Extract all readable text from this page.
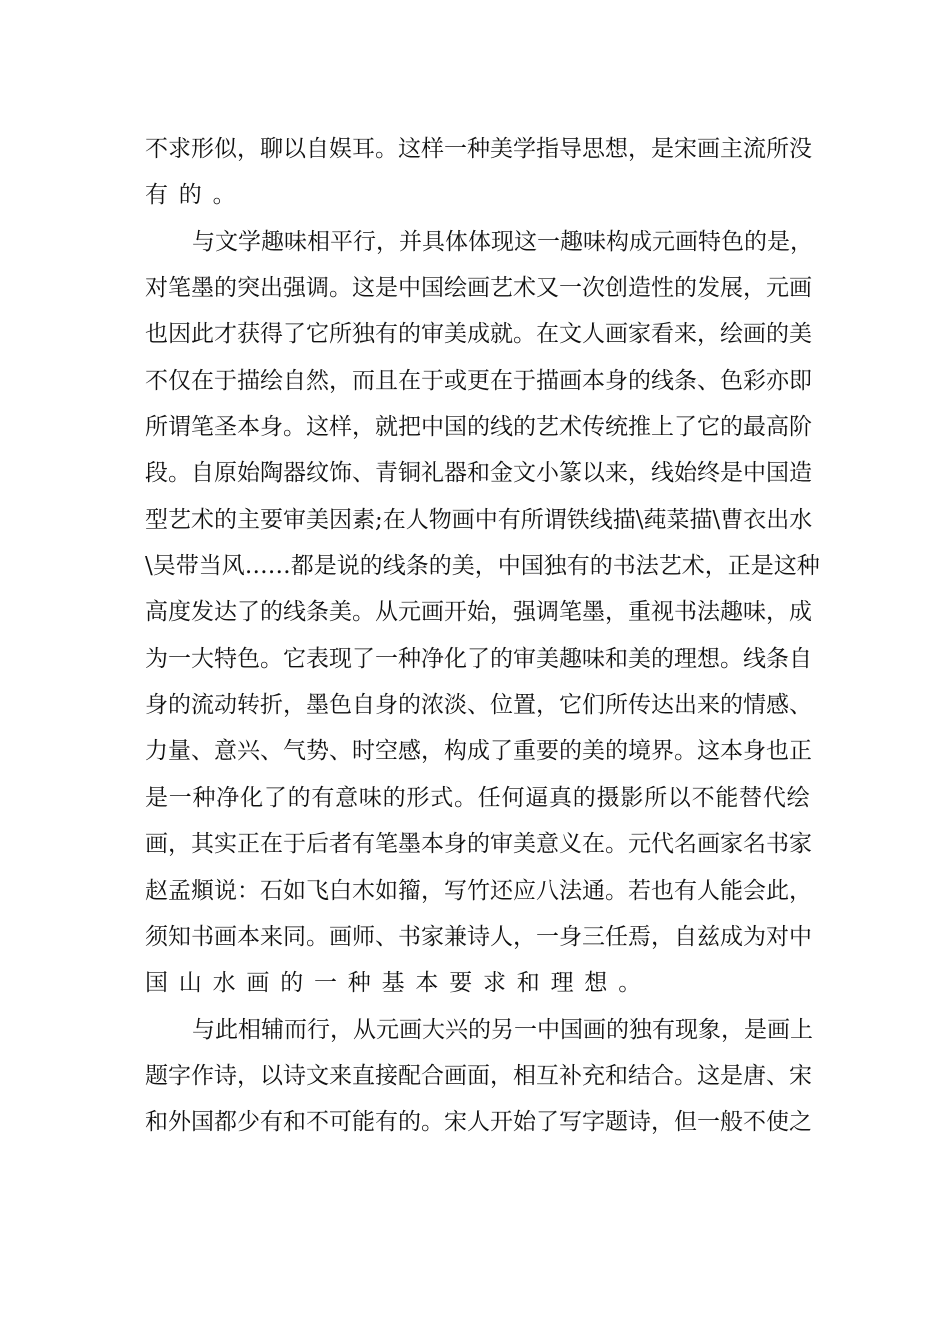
不 求 形 似 ， 聊 以 自 娱 耳 。 这 样 一 种 美 学 指 导 思 想 ， 是 宋 画 主 流 所 没
有的。
与 文 学 趣 味 相 平 行 ， 并 具 体 体 现 这 一 趣 味 构 成 元 画 特 色 的 是 ，
对 笔 墨 的 突 出 强 调 。 这 是 中 国 绘 画 艺 术 又 一 次 创 造 性 的 发 展 ， 元 画
也 因 此 才 获 得 了 它 所 独 有 的 审 美 成 就 。 在 文 人 画 家 看 来 ， 绘 画 的 美
不 仅 在 于 描 绘 自 然 ， 而 且 在 于 或 更 在 于 描 画 本 身 的 线 条 、 色 彩 亦 即
所 谓 笔 圣 本 身 。 这 样 ， 就 把 中 国 的 线 的 艺 术 传 统 推 上 了 它 的 最 高 阶
段 。 自 原 始 陶 器 纹 饰 、 青 铜 礼 器 和 金 文 小 篆 以 来 ， 线 始 终 是 中 国 造
型 艺 术 的 主 要 审 美 因 素 ; 在 人 物 画 中 有 所 谓 铁 线 描 \ 莼 菜 描 \ 曹 衣 出 水
\ 吴 带 当 风 … … 都 是 说 的 线 条 的 美 ， 中 国 独 有 的 书 法 艺 术 ， 正 是 这 种
高 度 发 达 了 的 线 条 美 。 从 元 画 开 始 ， 强 调 笔 墨 ， 重 视 书 法 趣 味 ， 成
为 一 大 特 色 。 它 表 现 了 一 种 净 化 了 的 审 美 趣 味 和 美 的 理 想 。 线 条 自
身 的 流 动 转 折 ， 墨 色 自 身 的 浓 淡 、 位 置 ， 它 们 所 传 达 出 来 的 情 感 、
力 量 、 意 兴 、 气 势 、 时 空 感 ， 构 成 了 重 要 的 美 的 境 界 。 这 本 身 也 正
是 一 种 净 化 了 的 有 意 味 的 形 式 。 任 何 逼 真 的 摄 影 所 以 不 能 替 代 绘
画 ， 其 实 正 在 于 后 者 有 笔 墨 本 身 的 审 美 意 义 在 。 元 代 名 画 家 名 书 家
赵 孟 頫 说 ： 石 如 飞 白 木 如 籀 ， 写 竹 还 应 八 法 通 。 若 也 有 人 能 会 此 ，
须 知 书 画 本 来 同 。 画 师 、 书 家 兼 诗 人 ， 一 身 三 任 焉 ， 自 兹 成 为 对 中
国山水画的一种基本要求和理想。
与 此 相 辅 而 行 ， 从 元 画 大 兴 的 另 一 中 国 画 的 独 有 现 象 ， 是 画 上
题 字 作 诗 ， 以 诗 文 来 直 接 配 合 画 面 ， 相 互 补 充 和 结 合 。 这 是 唐 、 宋
和 外 国 都 少 有 和 不 可 能 有 的 。 宋 人 开 始 了 写 字 题 诗 ， 但 一 般 不 使 之
